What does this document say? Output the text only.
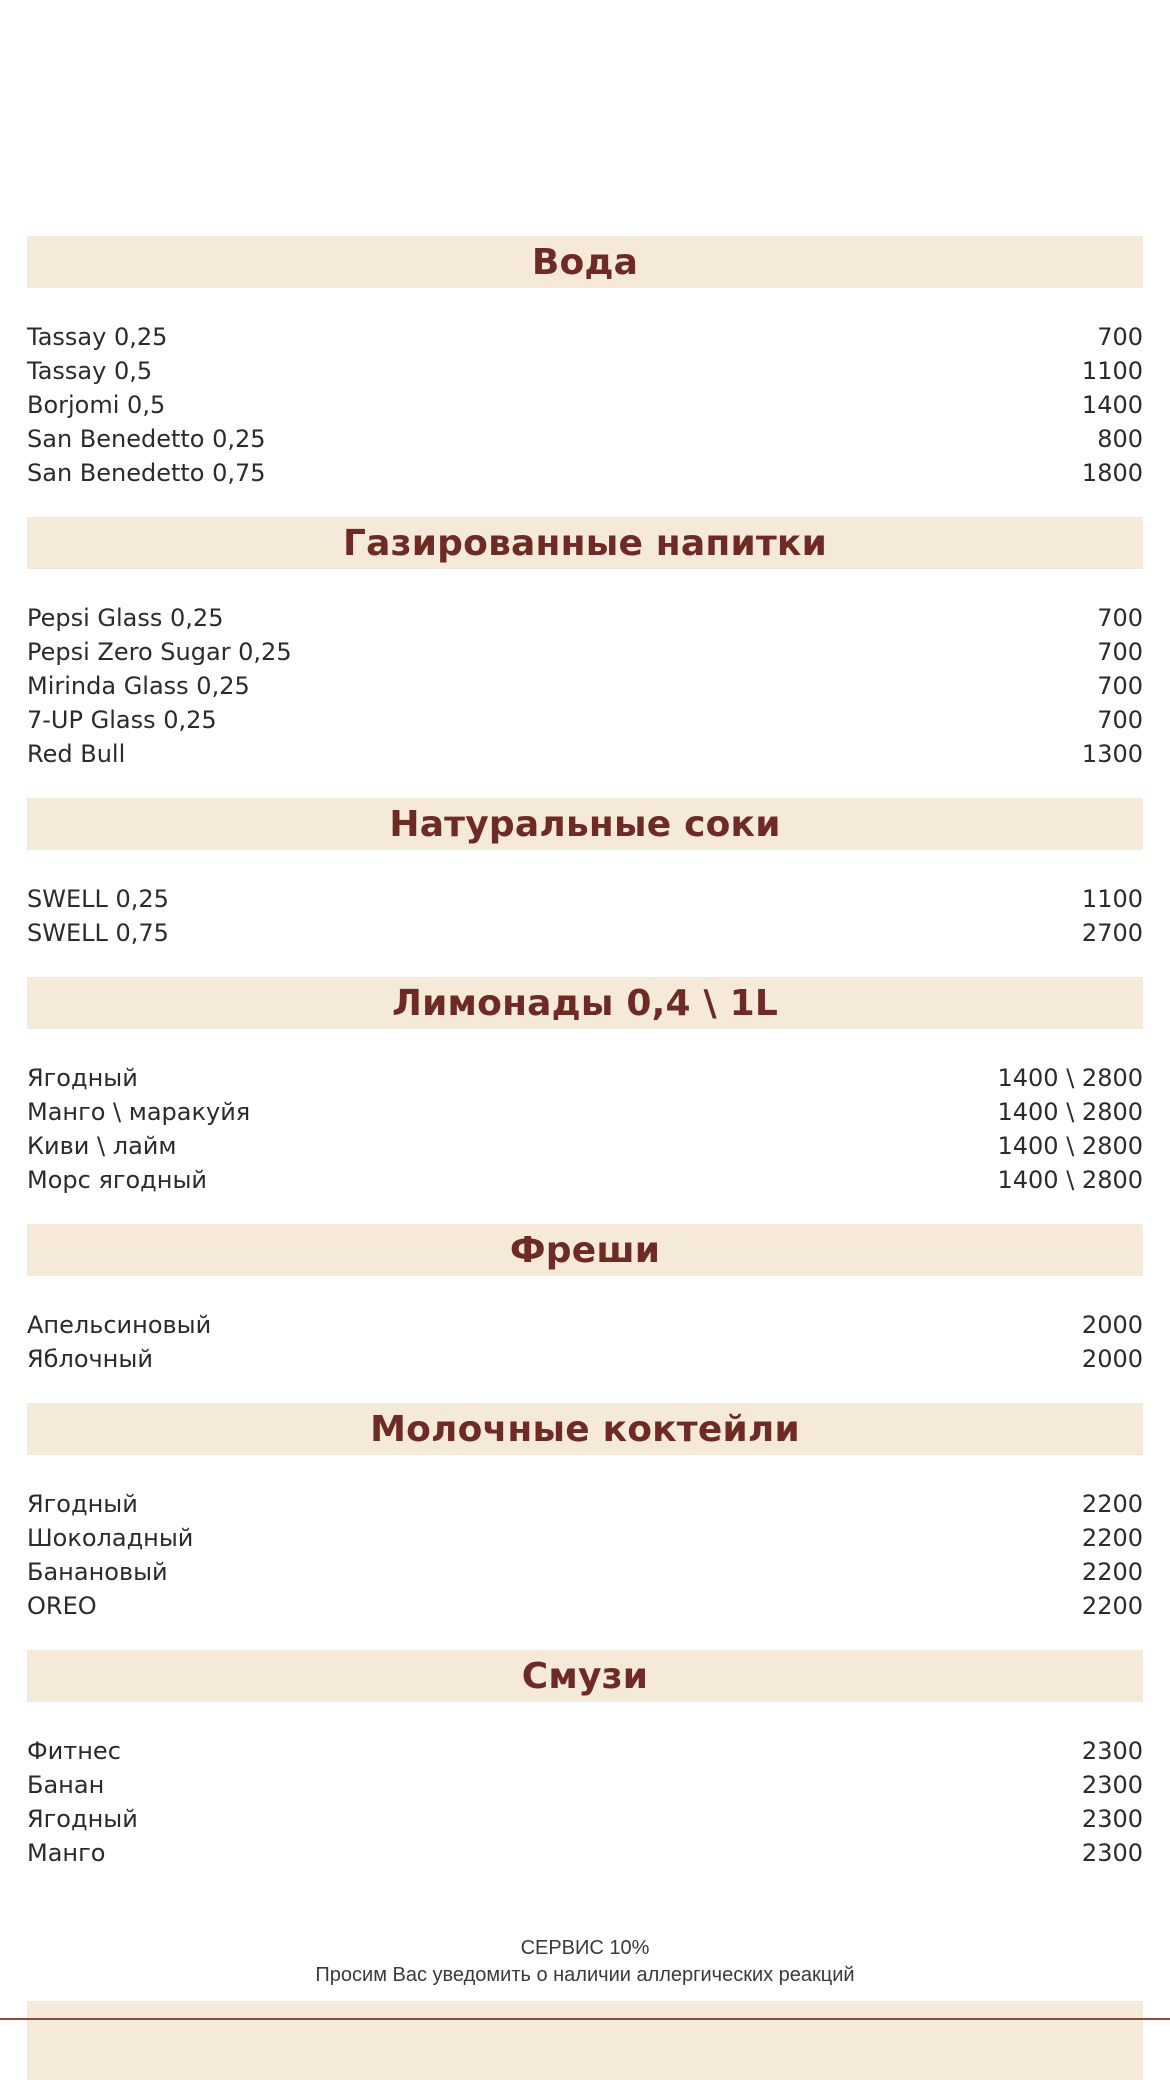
Вода
Tassay 0,25	700
Tassay 0,5	1100
Borjomi 0,5	1400
San Benedetto 0,25	800
San Benedetto 0,75	1800
Газированные напитки
Pepsi Glass 0,25	700
Pepsi Zero Sugar 0,25	700
Mirinda Glass 0,25	700
7-UP Glass 0,25	700
Red Bull	1300
Натуральные соки
SWELL 0,25	1100
SWELL 0,75	2700
Лимонады 0,4 \ 1L
Ягодный	1400 \ 2800
Манго \ маракуйя	1400 \ 2800
Киви \ лайм	1400 \ 2800
Морс ягодный	1400 \ 2800
Фреши
Апельсиновый	2000
Яблочный	2000
Молочные коктейли
Ягодный	2200
Шоколадный	2200
Банановый	2200
OREO	2200
Смузи
Фитнес	2300
Банан	2300
Ягодный	2300
Манго	2300
СЕРВИС 10%
Просим Вас уведомить о наличии аллергических реакций
